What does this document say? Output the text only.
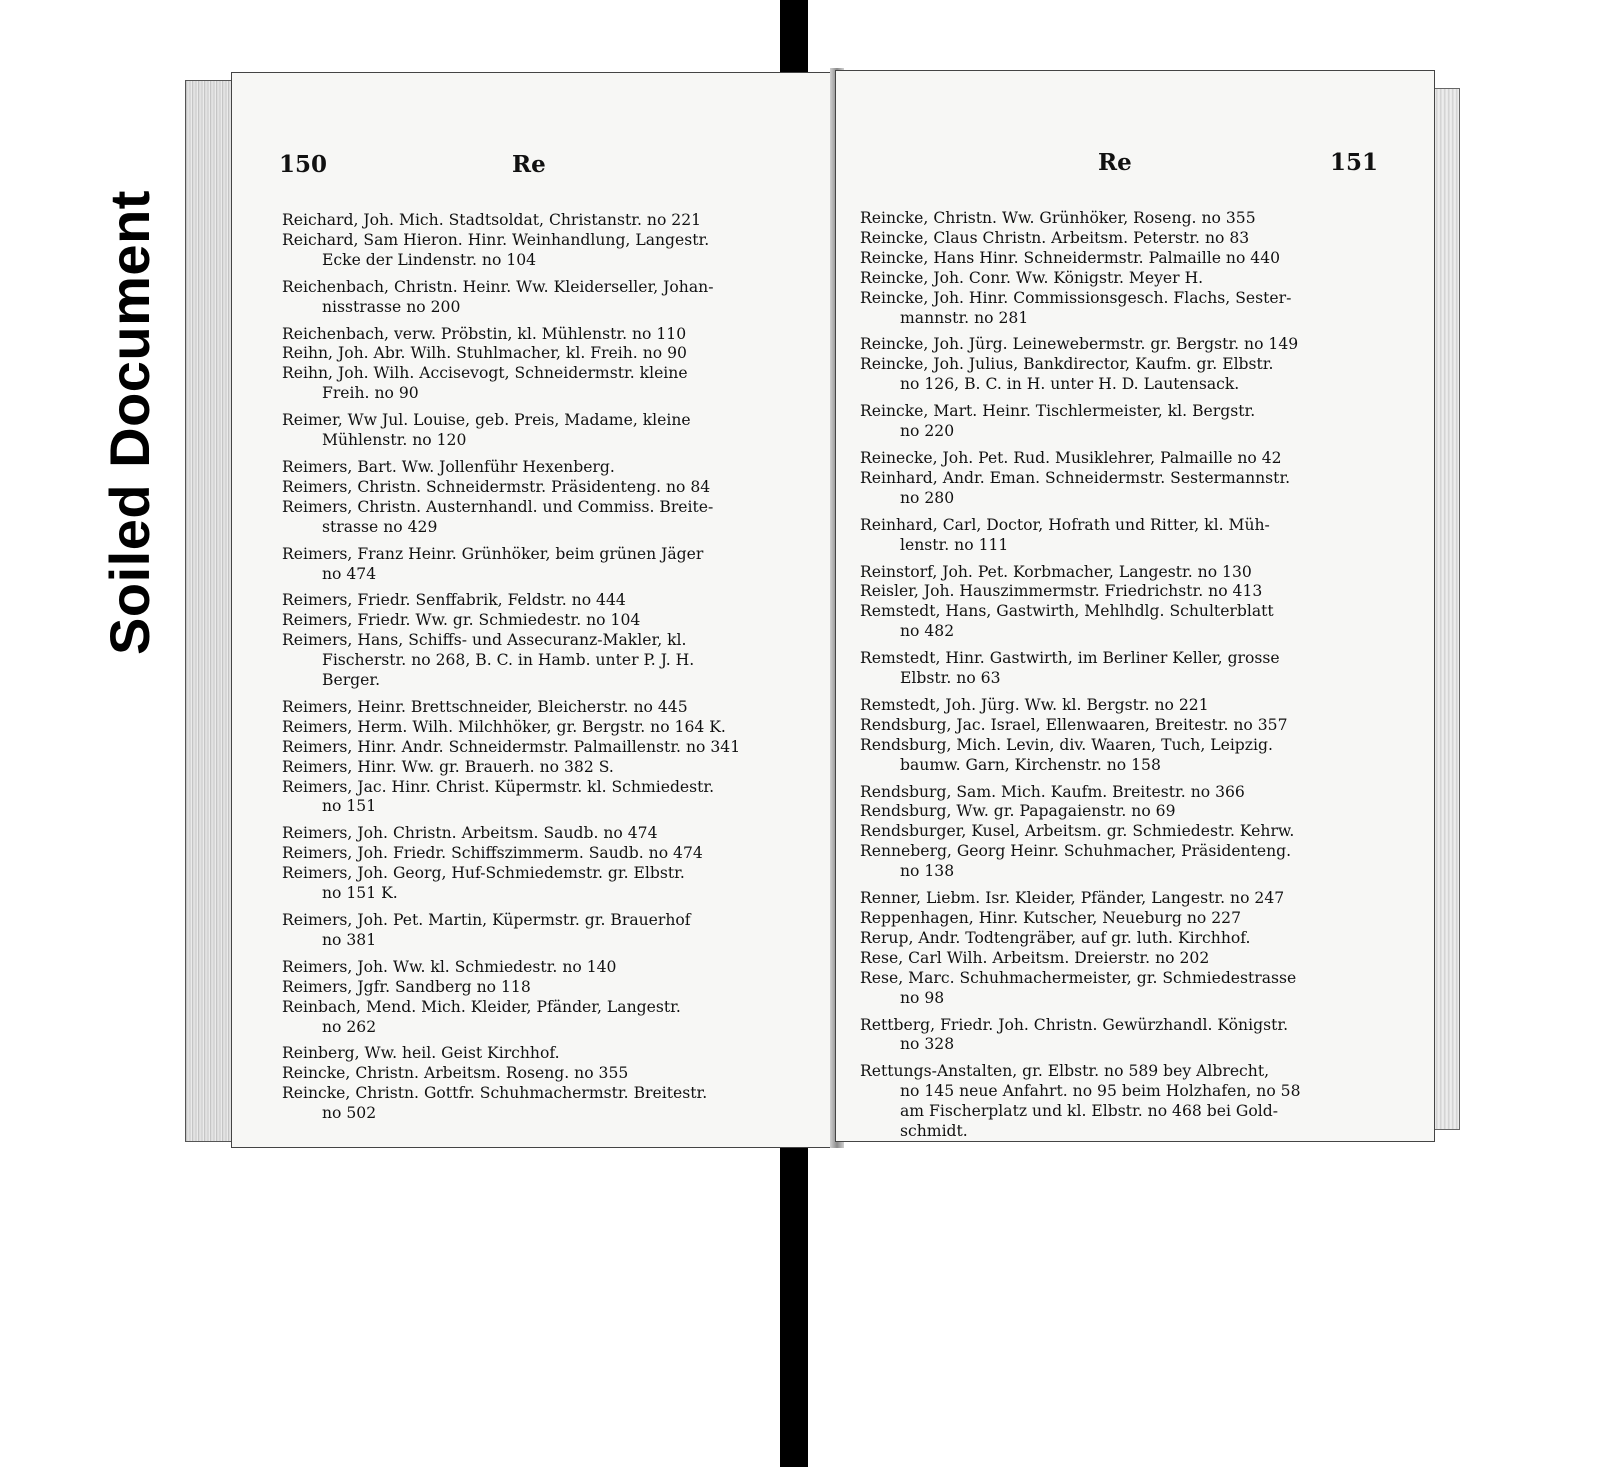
Soiled Document
150	Re
Reichard, Joh. Mich. Stadtsoldat, Christanstr. no 221
Reichard, Sam Hieron. Hinr. Weinhandlung, Langestr.
Ecke der Lindenstr. no 104
Reichenbach, Christn. Heinr. Ww. Kleiderseller, Johan-
nisstrasse no 200
Reichenbach, verw. Pröbstin, kl. Mühlenstr. no 110
Reihn, Joh. Abr. Wilh. Stuhlmacher, kl. Freih. no 90
Reihn, Joh. Wilh. Accisevogt, Schneidermstr. kleine
Freih. no 90
Reimer, Ww Jul. Louise, geb. Preis, Madame, kleine
Mühlenstr. no 120
Reimers, Bart. Ww. Jollenführ Hexenberg.
Reimers, Christn. Schneidermstr. Präsidenteng. no 84
Reimers, Christn. Austernhandl. und Commiss. Breite-
strasse no 429
Reimers, Franz Heinr. Grünhöker, beim grünen Jäger
no 474
Reimers, Friedr. Senffabrik, Feldstr. no 444
Reimers, Friedr. Ww. gr. Schmiedestr. no 104
Reimers, Hans, Schiffs- und Assecuranz-Makler, kl.
Fischerstr. no 268, B. C. in Hamb. unter P. J. H.
Berger.
Reimers, Heinr. Brettschneider, Bleicherstr. no 445
Reimers, Herm. Wilh. Milchhöker, gr. Bergstr. no 164 K.
Reimers, Hinr. Andr. Schneidermstr. Palmaillenstr. no 341
Reimers, Hinr. Ww. gr. Brauerh. no 382 S.
Reimers, Jac. Hinr. Christ. Küpermstr. kl. Schmiedestr.
no 151
Reimers, Joh. Christn. Arbeitsm. Saudb. no 474
Reimers, Joh. Friedr. Schiffszimmerm. Saudb. no 474
Reimers, Joh. Georg, Huf-Schmiedemstr. gr. Elbstr.
no 151 K.
Reimers, Joh. Pet. Martin, Küpermstr. gr. Brauerhof
no 381
Reimers, Joh. Ww. kl. Schmiedestr. no 140
Reimers, Jgfr. Sandberg no 118
Reinbach, Mend. Mich. Kleider, Pfänder, Langestr.
no 262
Reinberg, Ww. heil. Geist Kirchhof.
Reincke, Christn. Arbeitsm. Roseng. no 355
Reincke, Christn. Gottfr. Schuhmachermstr. Breitestr.
no 502
Re	151
Reincke, Christn. Ww. Grünhöker, Roseng. no 355
Reincke, Claus Christn. Arbeitsm. Peterstr. no 83
Reincke, Hans Hinr. Schneidermstr. Palmaille no 440
Reincke, Joh. Conr. Ww. Königstr. Meyer H.
Reincke, Joh. Hinr. Commissionsgesch. Flachs, Sester-
mannstr. no 281
Reincke, Joh. Jürg. Leinewebermstr. gr. Bergstr. no 149
Reincke, Joh. Julius, Bankdirector, Kaufm. gr. Elbstr.
no 126, B. C. in H. unter H. D. Lautensack.
Reincke, Mart. Heinr. Tischlermeister, kl. Bergstr.
no 220
Reinecke, Joh. Pet. Rud. Musiklehrer, Palmaille no 42
Reinhard, Andr. Eman. Schneidermstr. Sestermannstr.
no 280
Reinhard, Carl, Doctor, Hofrath und Ritter, kl. Müh-
lenstr. no 111
Reinstorf, Joh. Pet. Korbmacher, Langestr. no 130
Reisler, Joh. Hauszimmermstr. Friedrichstr. no 413
Remstedt, Hans, Gastwirth, Mehlhdlg. Schulterblatt
no 482
Remstedt, Hinr. Gastwirth, im Berliner Keller, grosse
Elbstr. no 63
Remstedt, Joh. Jürg. Ww. kl. Bergstr. no 221
Rendsburg, Jac. Israel, Ellenwaaren, Breitestr. no 357
Rendsburg, Mich. Levin, div. Waaren, Tuch, Leipzig.
baumw. Garn, Kirchenstr. no 158
Rendsburg, Sam. Mich. Kaufm. Breitestr. no 366
Rendsburg, Ww. gr. Papagaienstr. no 69
Rendsburger, Kusel, Arbeitsm. gr. Schmiedestr. Kehrw.
Renneberg, Georg Heinr. Schuhmacher, Präsidenteng.
no 138
Renner, Liebm. Isr. Kleider, Pfänder, Langestr. no 247
Reppenhagen, Hinr. Kutscher, Neueburg no 227
Rerup, Andr. Todtengräber, auf gr. luth. Kirchhof.
Rese, Carl Wilh. Arbeitsm. Dreierstr. no 202
Rese, Marc. Schuhmachermeister, gr. Schmiedestrasse
no 98
Rettberg, Friedr. Joh. Christn. Gewürzhandl. Königstr.
no 328
Rettungs-Anstalten, gr. Elbstr. no 589 bey Albrecht,
no 145 neue Anfahrt. no 95 beim Holzhafen, no 58
am Fischerplatz und kl. Elbstr. no 468 bei Gold-
schmidt.
